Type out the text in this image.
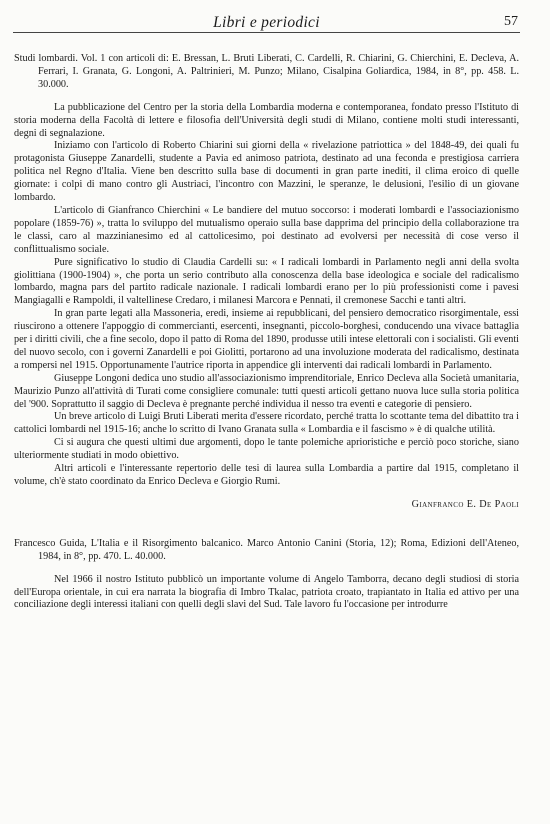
Libri e periodici	57

Studi lombardi. Vol. 1 con articoli di: E. Bressan, L. Bruti Liberati, C. Cardelli, R. Chiarini, G. Chierchini, E. Decleva, A. Ferrari, I. Granata, G. Longoni, A. Paltrinieri, M. Punzo; Milano, Cisalpina Goliardica, 1984, in 8°, pp. 458. L. 30.000.

La pubblicazione del Centro per la storia della Lombardia moderna e contemporanea, fondato presso l'Istituto di storia moderna della Facoltà di lettere e filosofia dell'Università degli studi di Milano, contiene molti studi interessanti, degni di segnalazione.

Iniziamo con l'articolo di Roberto Chiarini sui giorni della « rivelazione patriottica » del 1848-49, dei quali fu protagonista Giuseppe Zanardelli, studente a Pavia ed animoso patriota, destinato ad una feconda e prestigiosa carriera politica nel Regno d'Italia. Viene ben descritto sulla base di documenti in gran parte inediti, il clima eroico di quelle giornate: i colpi di mano contro gli Austriaci, l'incontro con Mazzini, le speranze, le delusioni, l'esilio di un giovane lombardo.

L'articolo di Gianfranco Chierchini « Le bandiere del mutuo soccorso: i moderati lombardi e l'associazionismo popolare (1859-76) », tratta lo sviluppo del mutualismo operaio sulla base dapprima del principio della collaborazione tra le classi, caro al mazzinianesimo ed al cattolicesimo, poi destinato ad evolversi per necessità di cose verso il conflittualismo sociale.

Pure significativo lo studio di Claudia Cardelli su: « I radicali lombardi in Parlamento negli anni della svolta giolittiana (1900-1904) », che porta un serio contributo alla conoscenza della base ideologica e sociale del radicalismo lombardo, magna pars del partito radicale nazionale. I radicali lombardi erano per lo più professionisti come i pavesi Mangiagalli e Rampoldi, il valtellinese Credaro, i milanesi Marcora e Pennati, il cremonese Sacchi e tanti altri.

In gran parte legati alla Massoneria, eredi, insieme ai repubblicani, del pensiero democratico risorgimentale, essi riuscirono a ottenere l'appoggio di commercianti, esercenti, insegnanti, piccolo-borghesi, conducendo una vivace battaglia per i diritti civili, che a fine secolo, dopo il patto di Roma del 1890, produsse utili intese elettorali con i socialisti. Gli eventi del nuovo secolo, con i governi Zanardelli e poi Giolitti, portarono ad una involuzione moderata del radicalismo, destinata a rompersi nel 1915. Opportunamente l'autrice riporta in appendice gli interventi dai radicali lombardi in Parlamento.

Giuseppe Longoni dedica uno studio all'associazionismo imprenditoriale, Enrico Decleva alla Società umanitaria, Maurizio Punzo all'attività di Turati come consigliere comunale: tutti questi articoli gettano nuova luce sulla storia politica del '900. Soprattutto il saggio di Decleva è pregnante perché individua il nesso tra eventi e categorie di pensiero.

Un breve articolo di Luigi Bruti Liberati merita d'essere ricordato, perché tratta lo scottante tema del dibattito tra i cattolici lombardi nel 1915-16; anche lo scritto di Ivano Granata sulla « Lombardia e il fascismo » è di qualche utilità.

Ci si augura che questi ultimi due argomenti, dopo le tante polemiche aprioristiche e perciò poco storiche, siano ulteriormente studiati in modo obiettivo.

Altri articoli e l'interessante repertorio delle tesi di laurea sulla Lombardia a partire dal 1915, completano il volume, ch'è stato coordinato da Enrico Decleva e Giorgio Rumi.

Gianfranco E. De Paoli

Francesco Guida, L'Italia e il Risorgimento balcanico. Marco Antonio Canini (Storia, 12); Roma, Edizioni dell'Ateneo, 1984, in 8°, pp. 470. L. 40.000.

Nel 1966 il nostro Istituto pubblicò un importante volume di Angelo Tamborra, decano degli studiosi di storia dell'Europa orientale, in cui era narrata la biografia di Imbro Tkalac, patriota croato, trapiantato in Italia ed attivo per una conciliazione degli interessi italiani con quelli degli slavi del Sud. Tale lavoro fu l'occasione per introdurre
